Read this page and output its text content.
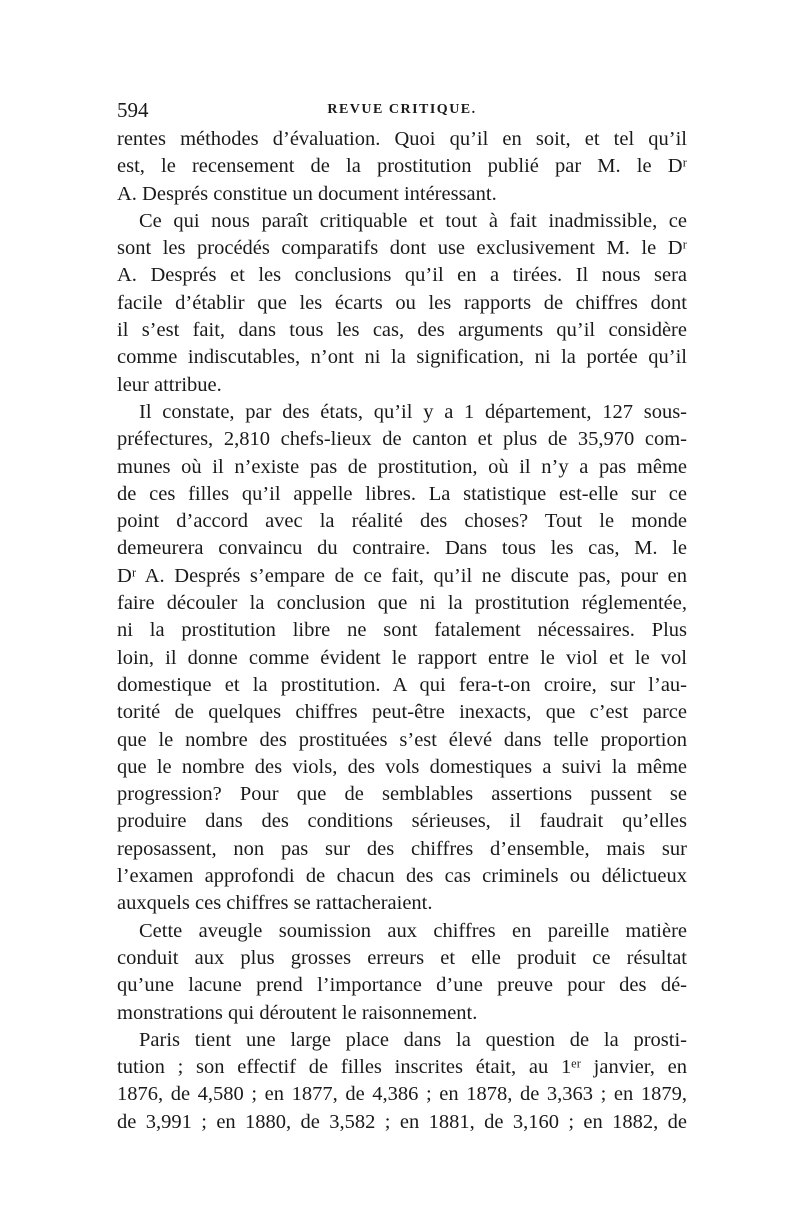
594	REVUE CRITIQUE.
rentes méthodes d’évaluation. Quoi qu’il en soit, et tel qu’il
est, le recensement de la prostitution publié par M. le Dʳ
A. Després constitue un document intéressant.
Ce qui nous paraît critiquable et tout à fait inadmissible, ce
sont les procédés comparatifs dont use exclusivement M. le Dʳ
A. Després et les conclusions qu’il en a tirées. Il nous sera
facile d’établir que les écarts ou les rapports de chiffres dont
il s’est fait, dans tous les cas, des arguments qu’il considère
comme indiscutables, n’ont ni la signification, ni la portée qu’il
leur attribue.
Il constate, par des états, qu’il y a 1 département, 127 sous-
préfectures, 2,810 chefs-lieux de canton et plus de 35,970 com-
munes où il n’existe pas de prostitution, où il n’y a pas même
de ces filles qu’il appelle libres. La statistique est-elle sur ce
point d’accord avec la réalité des choses? Tout le monde
demeurera convaincu du contraire. Dans tous les cas, M. le
Dʳ A. Després s’empare de ce fait, qu’il ne discute pas, pour en
faire découler la conclusion que ni la prostitution réglementée,
ni la prostitution libre ne sont fatalement nécessaires. Plus
loin, il donne comme évident le rapport entre le viol et le vol
domestique et la prostitution. A qui fera-t-on croire, sur l’au-
torité de quelques chiffres peut-être inexacts, que c’est parce
que le nombre des prostituées s’est élevé dans telle proportion
que le nombre des viols, des vols domestiques a suivi la même
progression? Pour que de semblables assertions pussent se
produire dans des conditions sérieuses, il faudrait qu’elles
reposassent, non pas sur des chiffres d’ensemble, mais sur
l’examen approfondi de chacun des cas criminels ou délictueux
auxquels ces chiffres se rattacheraient.
Cette aveugle soumission aux chiffres en pareille matière
conduit aux plus grosses erreurs et elle produit ce résultat
qu’une lacune prend l’importance d’une preuve pour des dé-
monstrations qui déroutent le raisonnement.
Paris tient une large place dans la question de la prosti-
tution ; son effectif de filles inscrites était, au 1ᵉʳ janvier, en
1876, de 4,580 ; en 1877, de 4,386 ; en 1878, de 3,363 ; en 1879,
de 3,991 ; en 1880, de 3,582 ; en 1881, de 3,160 ; en 1882, de
